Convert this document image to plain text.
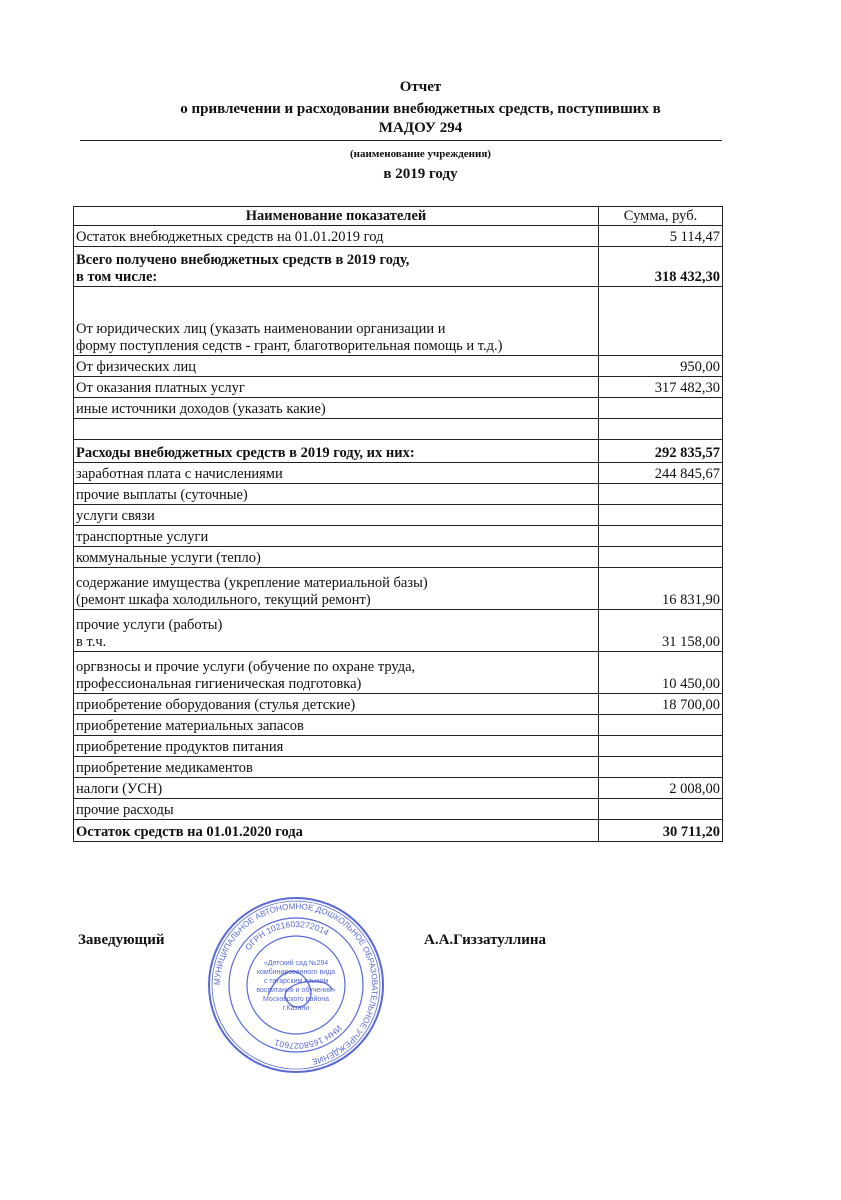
Отчет
о привлечении и расходовании внебюджетных средств, поступивших в
МАДОУ 294
(наименование учреждения)
в 2019 году
Наименование показателей	Сумма, руб.
Остаток внебюджетных средств на 01.01.2019 год	5 114,47
Всего получено внебюджетных средств в 2019 году,
в том числе:	318 432,30
От юридических лиц (указать наименовании организации и
форму поступления седств - грант, благотворительная помощь и т.д.)	
От физических лиц	950,00
От оказания платных услуг	317 482,30
иные источники доходов (указать какие)	

Расходы внебюджетных средств в 2019 году, их них:	292 835,57
заработная плата с начислениями	244 845,67
прочие выплаты (суточные)	
услуги связи	
транспортные услуги	
коммунальные услуги (тепло)	
содержание имущества (укрепление материальной базы)
(ремонт шкафа холодильного, текущий ремонт)	16 831,90
прочие услуги (работы)
в т.ч.	31 158,00
оргвзносы и прочие услуги (обучение по охране труда,
профессиональная гигиеническая подготовка)	10 450,00
приобретение оборудования (стулья детские)	18 700,00
приобретение материальных запасов	
приобретение продуктов питания	
приобретение медикаментов	
налоги (УСН)	2 008,00
прочие расходы	
Остаток средств на 01.01.2020 года	30 711,20
Заведующий	А.А.Гиззатуллина
МУНИЦИПАЛЬНОЕ АВТОНОМНОЕ ДОШКОЛЬНОЕ ОБРАЗОВАТЕЛЬНОЕ УЧРЕЖДЕНИЕ
ОГРН 1021603272014
ИНН 1658027601
«Детский сад №294
комбинированного вида
с татарским языком
воспитания и обучения»
Московского района
г.Казани
